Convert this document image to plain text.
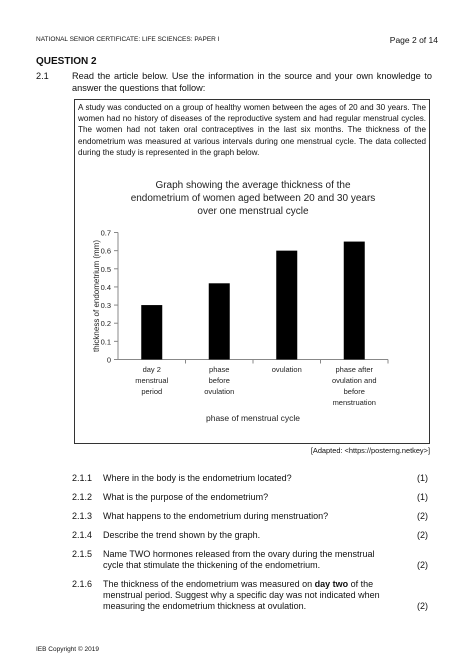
NATIONAL SENIOR CERTIFICATE: LIFE SCIENCES: PAPER I	Page 2 of 14
QUESTION 2
2.1	Read the article below. Use the information in the source and your own knowledge to answer the questions that follow:
A study was conducted on a group of healthy women between the ages of 20 and 30 years. The women had no history of diseases of the reproductive system and had regular menstrual cycles. The women had not taken oral contraceptives in the last six months. The thickness of the endometrium was measured at various intervals during one menstrual cycle. The data collected during the study is represented in the graph below.
Graph showing the average thickness of the
endometrium of women aged between 20 and 30 years
over one menstrual cycle
0
0.1
0.2
0.3
0.4
0.5
0.6
0.7
day 2
menstrual
period
phase
before
ovulation
ovulation	phase after
ovulation and
before
menstruation
phase of menstrual cycle
thickness of endometrium (mm)
[Adapted: <https://posterng.netkey>]
2.1.1 Where in the body is the endometrium located?	(1)
2.1.2 What is the purpose of the endometrium?	(1)
2.1.3 What happens to the endometrium during menstruation?	(2)
2.1.4 Describe the trend shown by the graph.	(2)
2.1.5 Name TWO hormones released from the ovary during the menstrual cycle that stimulate the thickening of the endometrium.	(2)
2.1.6 The thickness of the endometrium was measured on day two of the menstrual period. Suggest why a specific day was not indicated when measuring the endometrium thickness at ovulation.	(2)
IEB Copyright © 2019
